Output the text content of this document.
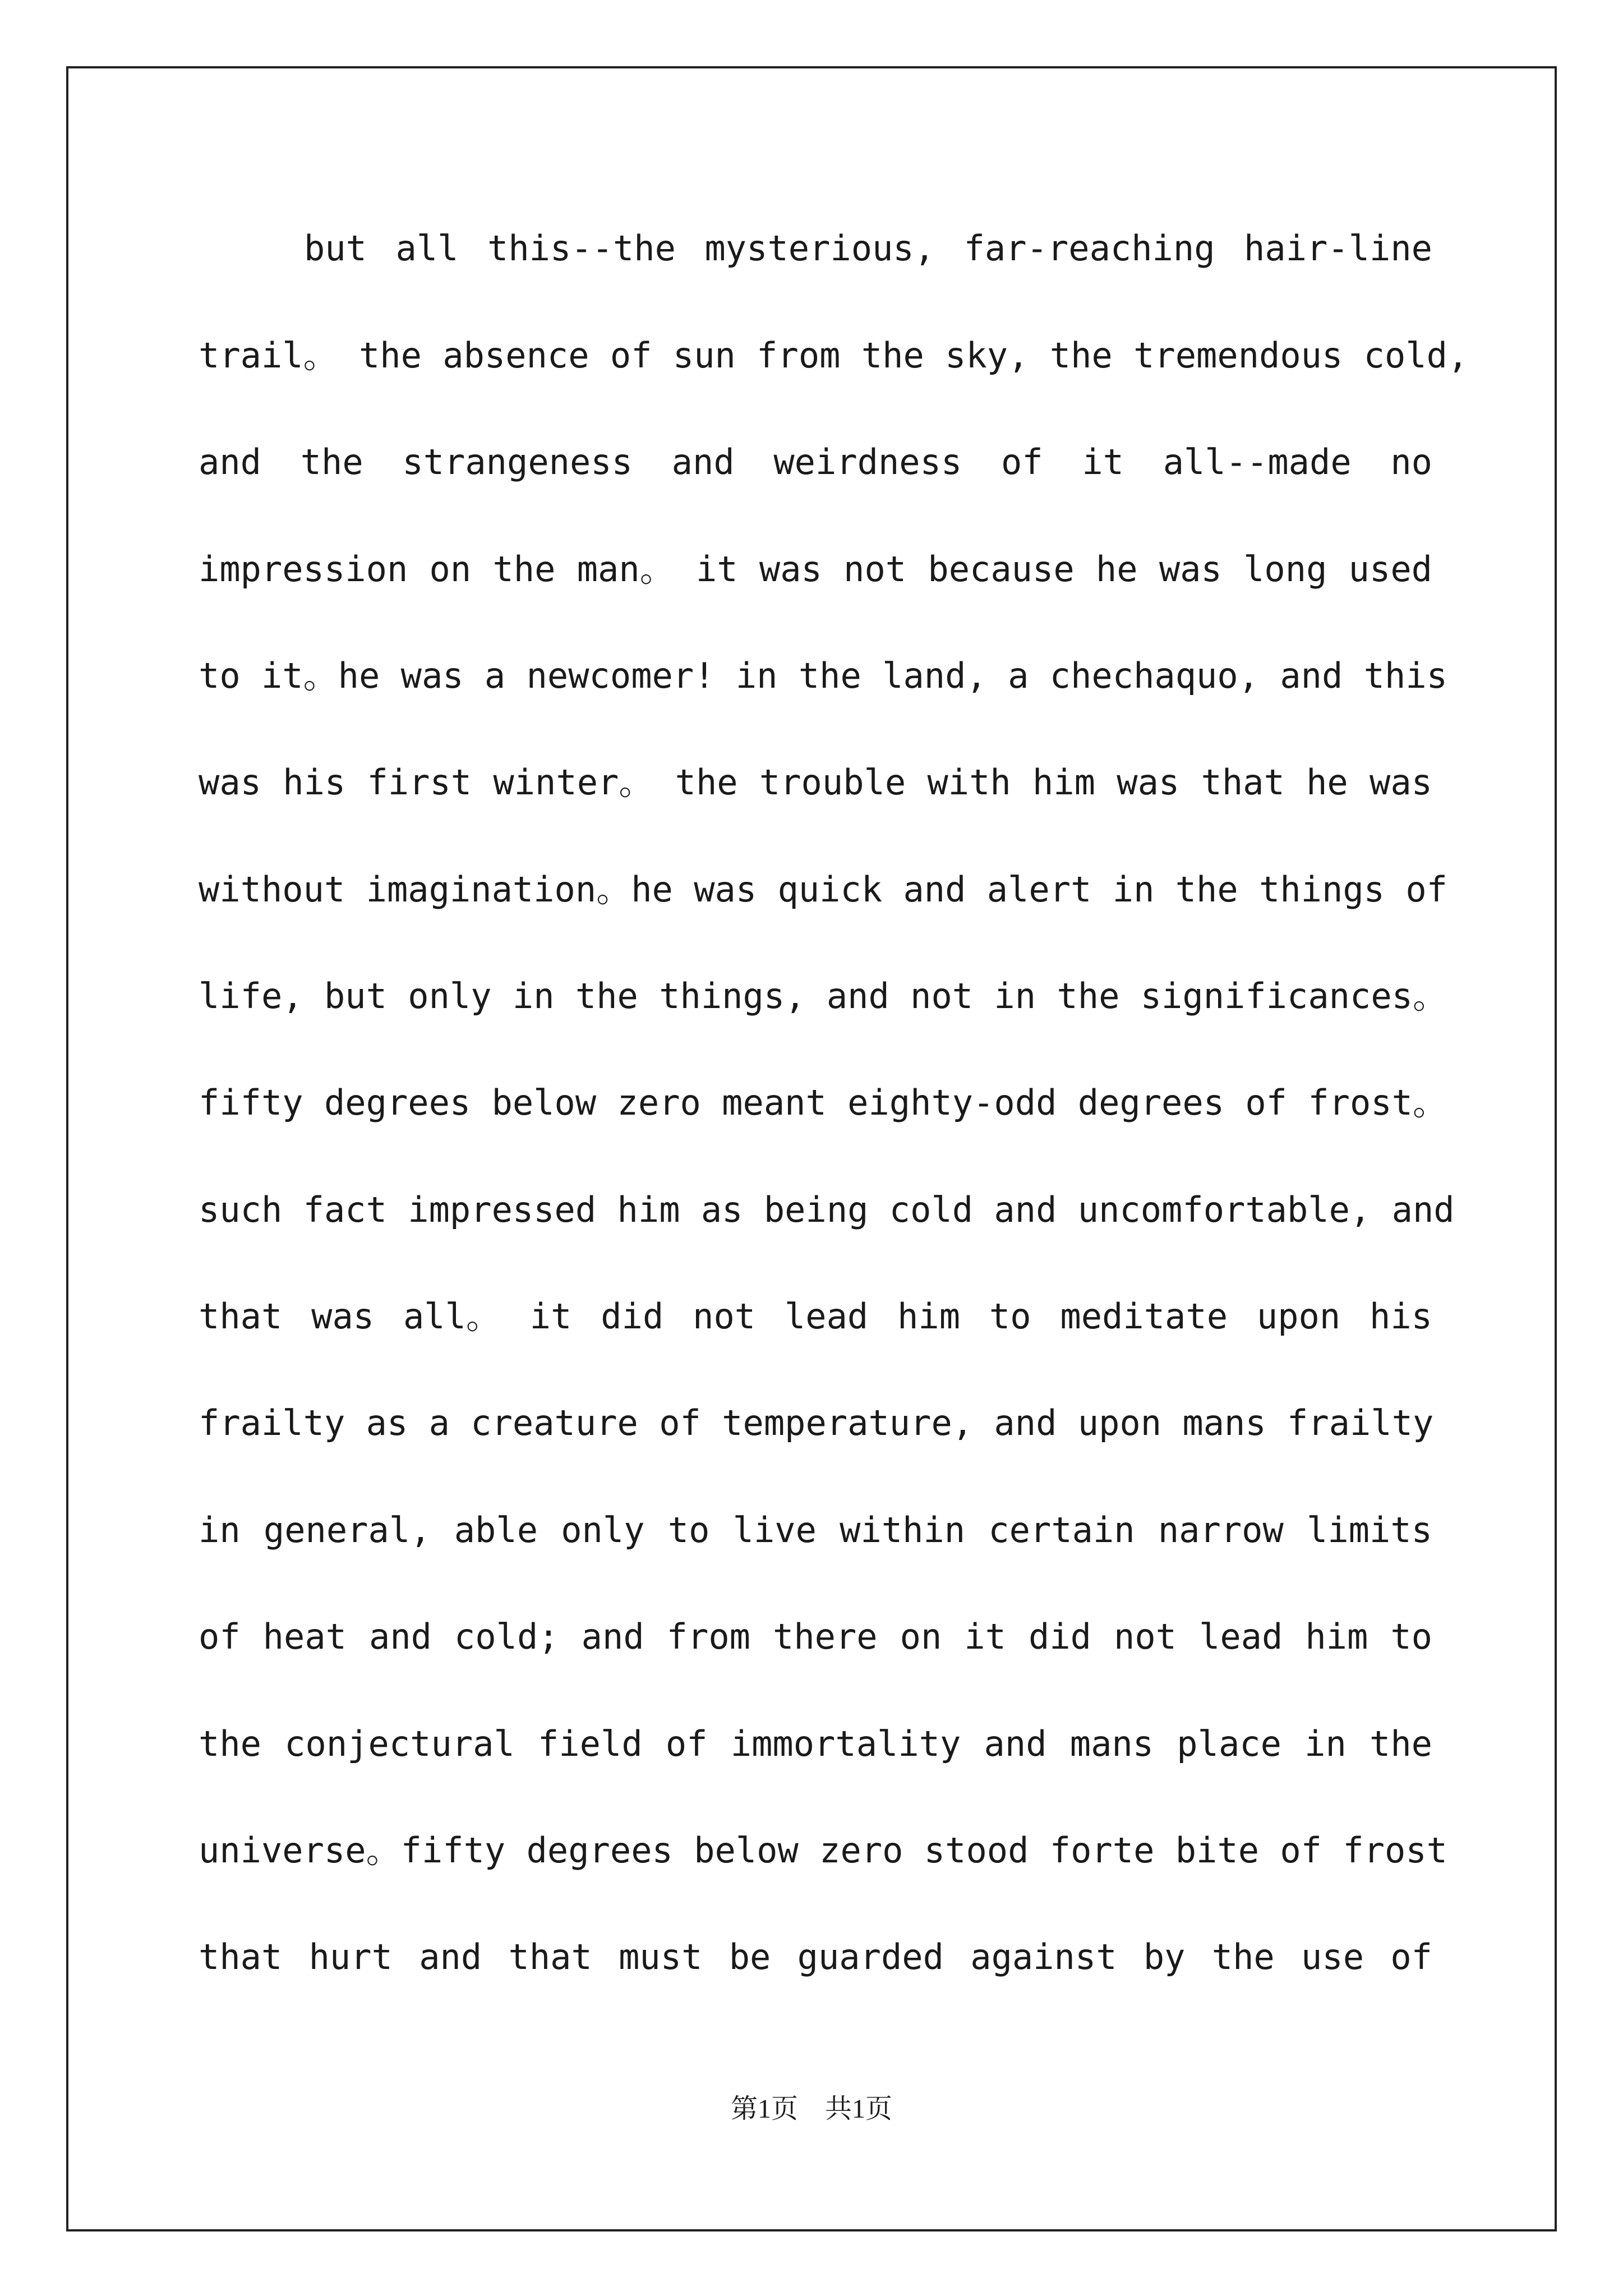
but all this--the mysterious, far-reaching hair-line
trail。 the absence of sun from the sky, the tremendous cold,
and the strangeness and weirdness of it all--made no
impression on the man。 it was not because he was long used
to it。he was a newcomer! in the land, a chechaquo, and this
was his first winter。 the trouble with him was that he was
without imagination。he was quick and alert in the things of
life, but only in the things, and not in the significances。
fifty degrees below zero meant eighty-odd degrees of frost。
such fact impressed him as being cold and uncomfortable, and
that was all。 it did not lead him to meditate upon his
frailty as a creature of temperature, and upon mans frailty
in general, able only to live within certain narrow limits
of heat and cold; and from there on it did not lead him to
the conjectural field of immortality and mans place in the
universe。fifty degrees below zero stood forte bite of frost
that hurt and that must be guarded against by the use of
第1页　共1页
